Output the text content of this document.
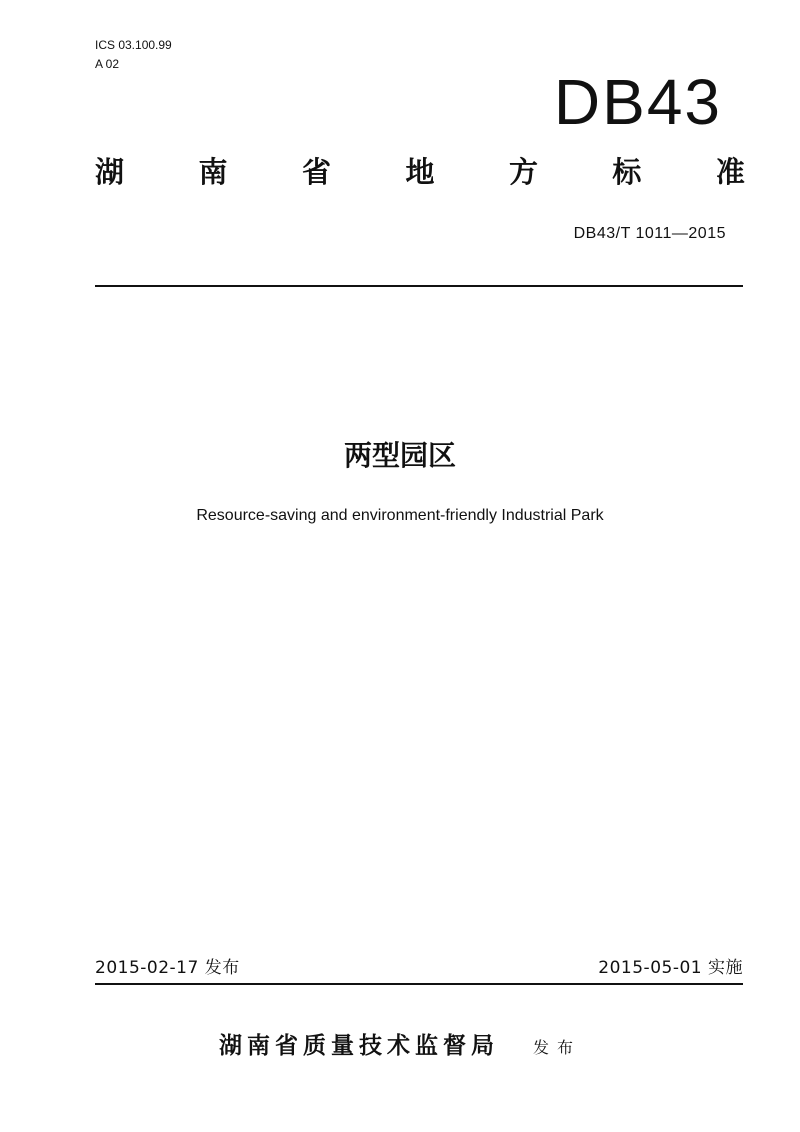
ICS 03.100.99
A 02
DB43
湖	南	省	地	方	标	准
DB43/T 1011—2015
两型园区
Resource-saving and environment-friendly Industrial Park
2015-02-17 发布	2015-05-01 实施
湖南省质量技术监督局 发布
